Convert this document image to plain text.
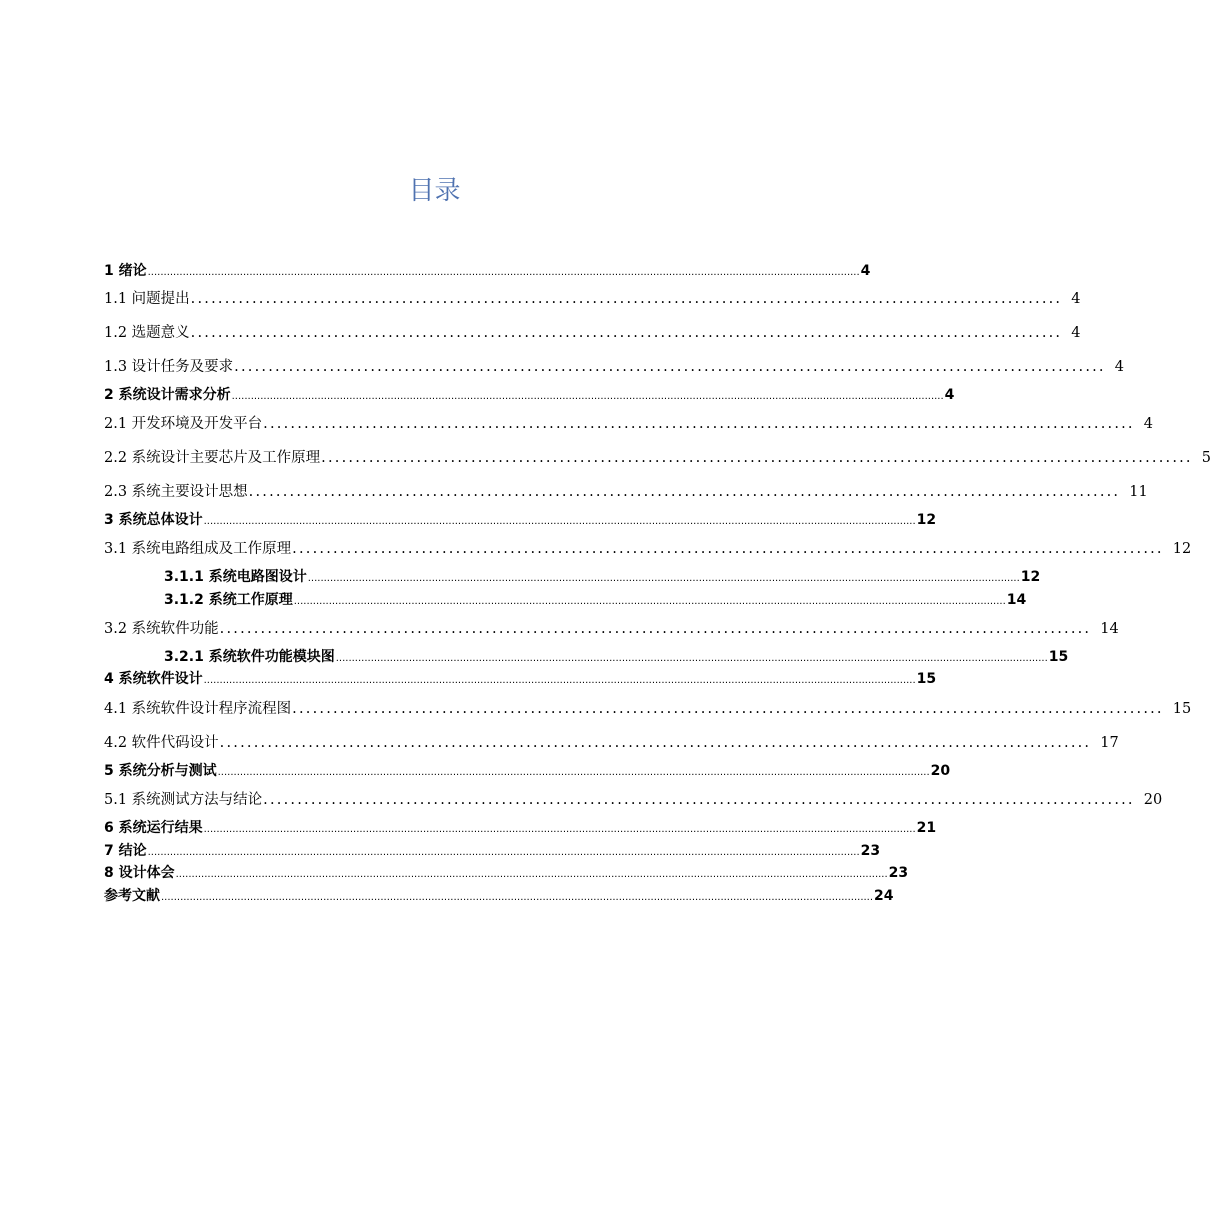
目录
1 绪论 ................................................................................................................................................................................................................................ 4
1.1 问题提出 ................................................................................................................................ 4
1.2 选题意义 ................................................................................................................................ 4
1.3 设计任务及要求 ................................................................................................................................ 4
2 系统设计需求分析 ................................................................................................................................................................................................................................ 4
2.1 开发环境及开发平台 ................................................................................................................................ 4
2.2 系统设计主要芯片及工作原理 ................................................................................................................................ 5
2.3 系统主要设计思想 ................................................................................................................................ 11
3 系统总体设计 ................................................................................................................................................................................................................................ 12
3.1 系统电路组成及工作原理 ................................................................................................................................ 12
3.1.1 系统电路图设计 ................................................................................................................................................................................................................................ 12
3.1.2 系统工作原理 ................................................................................................................................................................................................................................ 14
3.2 系统软件功能 ................................................................................................................................ 14
3.2.1 系统软件功能模块图 ................................................................................................................................................................................................................................ 15
4 系统软件设计 ................................................................................................................................................................................................................................ 15
4.1 系统软件设计程序流程图 ................................................................................................................................ 15
4.2 软件代码设计 ................................................................................................................................ 17
5 系统分析与测试 ................................................................................................................................................................................................................................ 20
5.1 系统测试方法与结论 ................................................................................................................................ 20
6 系统运行结果 ................................................................................................................................................................................................................................ 21
7 结论 ................................................................................................................................................................................................................................ 23
8 设计体会 ................................................................................................................................................................................................................................ 23
参考文献 ................................................................................................................................................................................................................................ 24
